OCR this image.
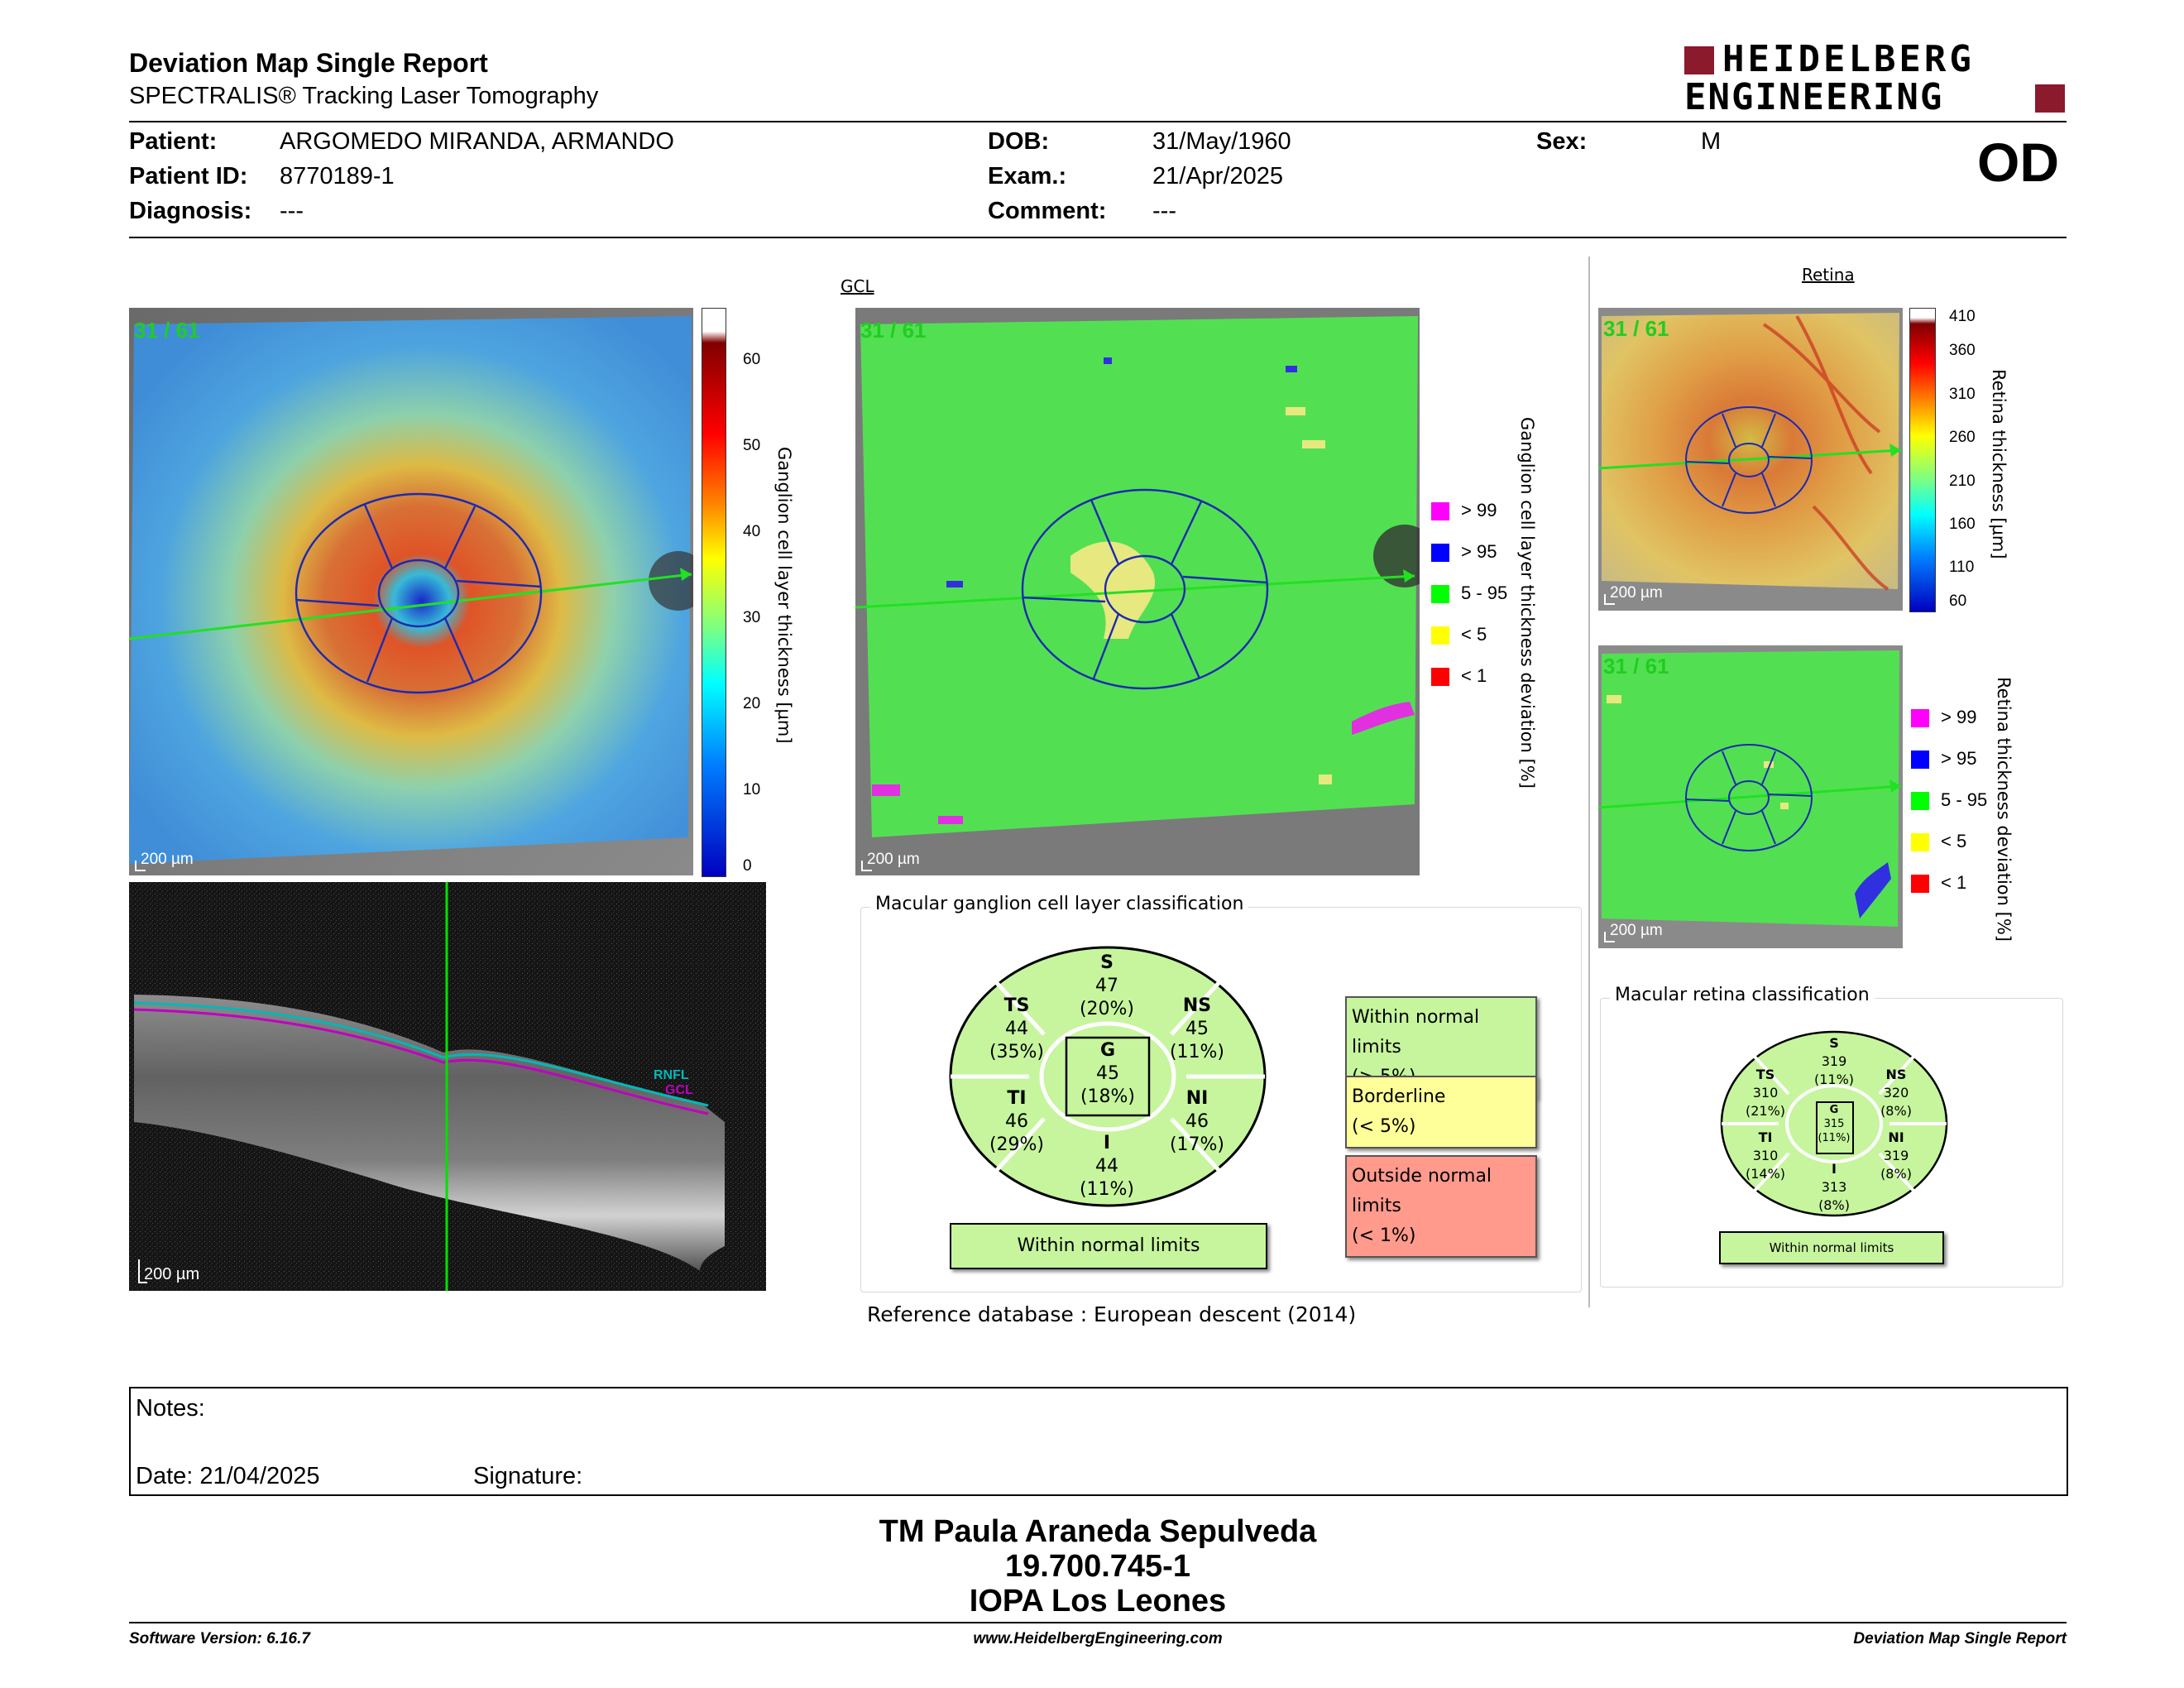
Deviation Map Single Report
SPECTRALIS® Tracking Laser Tomography
HEIDELBERG
ENGINEERING
Patient:	ARGOMEDO MIRANDA, ARMANDO
Patient ID: 8770189-1
Diagnosis: ---
DOB:	31/May/1960
Exam.:	21/Apr/2025
Comment: ---
Sex:	M	OD
31 / 61
200 µm
60
50
40
30
20
10
0
Ganglion cell layer thickness [µm]
RNFL
GCL
200 µm
GCL
31 / 61
200 µm
> 99
> 95
5 - 95
< 5
< 1 Ganglion cell layer thickness deviation [%]
Retina
31 / 61
200 µm
410
360
310
260
210
160
110
60
Retina thickness [µm]
31 / 61
200 µm
> 99
> 95
5 - 95
< 5
< 1 Retina thickness deviation [%]
Macular ganglion cell layer classification
S
47
(20%)
TS
44
(35%)
NS
45
(11%)
G
45
(18%)
TI
46
(29%)
NI
46
(17%)
I
44
(11%)
Within normal limits
Within normal limits
Borderline
(< 5%)
Outside normal limits
(< 1%)
Reference database : European descent (2014)
Macular retina classification
S
319
(11%)
TS
310
(21%)
NS
320
(8%)
G
315
(11%)
TI
310
(14%)
NI
319
(8%)
I
313
(8%)
Within normal limits
Notes:
Date: 21/04/2025	Signature:
TM Paula Araneda Sepulveda
19.700.745-1
IOPA Los Leones
Software Version: 6.16.7	www.HeidelbergEngineering.com	Deviation Map Single Report
